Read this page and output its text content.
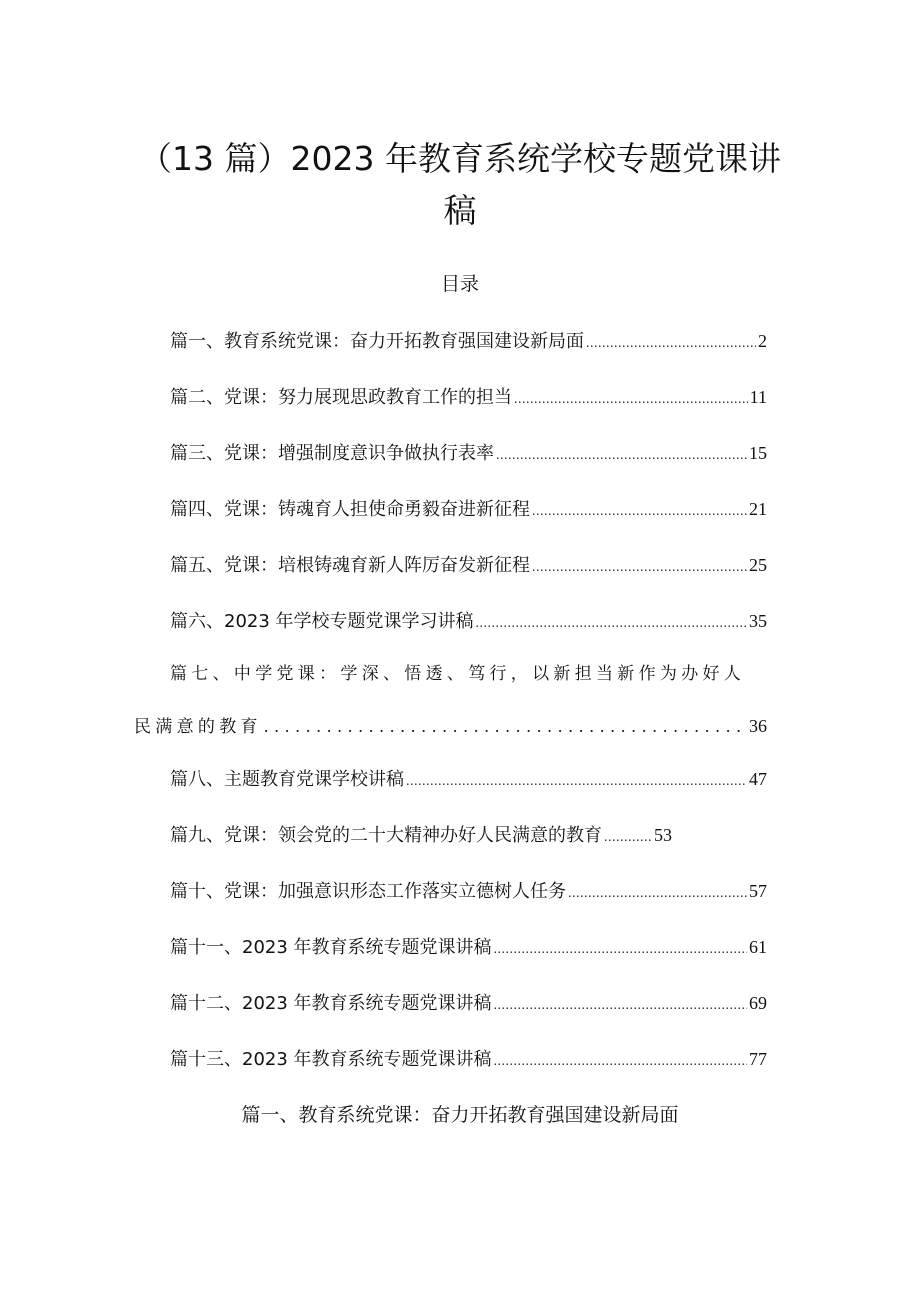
（13 篇）2023 年教育系统学校专题党课讲
稿
目录
篇一、教育系统党课：奋力开拓教育强国建设新局面 .....	2
篇二、党课：努力展现思政教育工作的担当 .....	11
篇三、党课：增强制度意识争做执行表率 .....	15
篇四、党课：铸魂育人担使命勇毅奋进新征程 .....	21
篇五、党课：培根铸魂育新人阵厉奋发新征程 .....	25
篇六、2023 年学校专题党课学习讲稿 .....	35
篇七、中学党课：学深、悟透、笃行，以新担当新作为办好人
民满意的教育 .....	36
篇八、主题教育党课学校讲稿 .....	47
篇九、党课：领会党的二十大精神办好人民满意的教育 .....	53
篇十、党课：加强意识形态工作落实立德树人任务 .....	57
篇十一、2023 年教育系统专题党课讲稿 .....	61
篇十二、2023 年教育系统专题党课讲稿 .....	69
篇十三、2023 年教育系统专题党课讲稿 .....	77
篇一、教育系统党课：奋力开拓教育强国建设新局面
